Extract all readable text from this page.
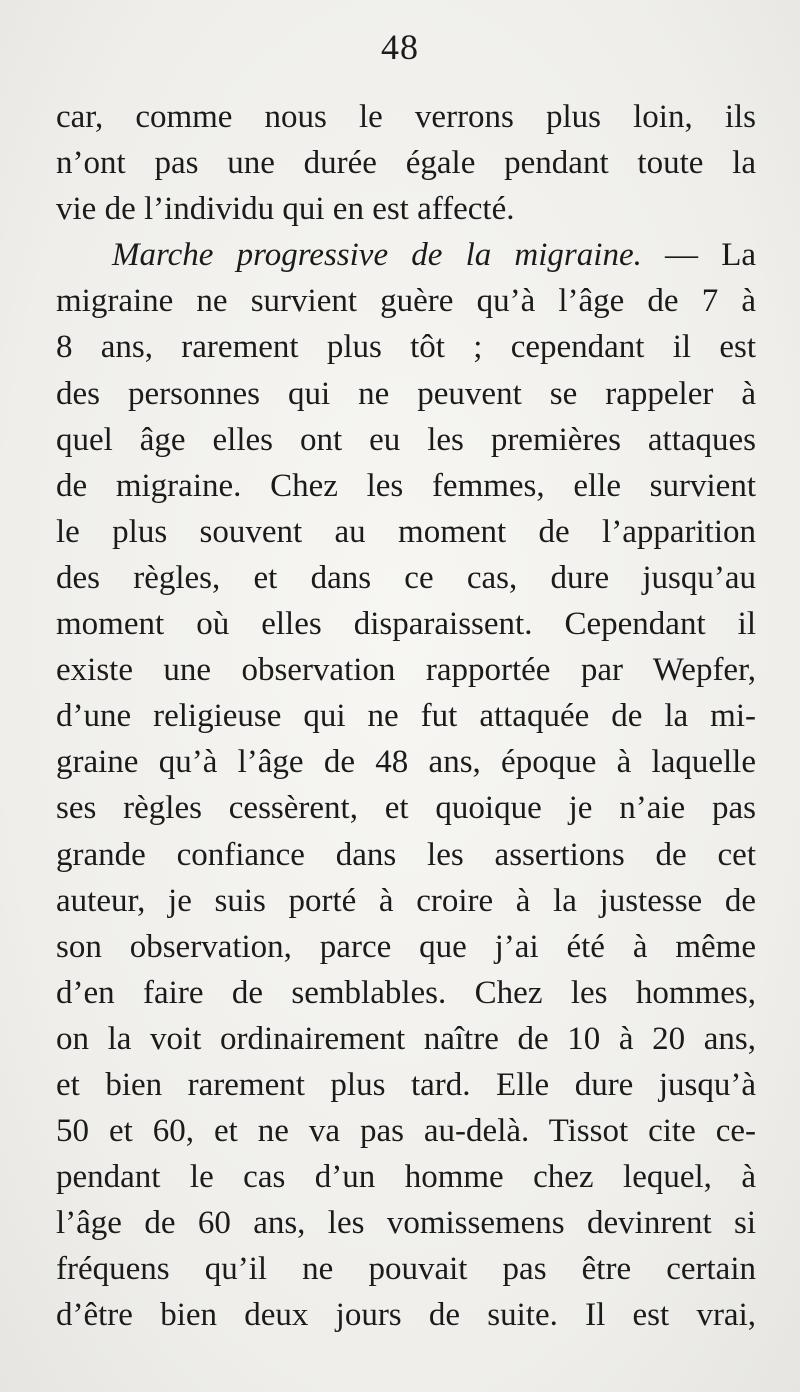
48
car, comme nous le verrons plus loin, ils
n’ont pas une durée égale pendant toute la
vie de l’individu qui en est affecté.
Marche progressive de la migraine. — La
migraine ne survient guère qu’à l’âge de 7 à
8 ans, rarement plus tôt ; cependant il est
des personnes qui ne peuvent se rappeler à
quel âge elles ont eu les premières attaques
de migraine. Chez les femmes, elle survient
le plus souvent au moment de l’apparition
des règles, et dans ce cas, dure jusqu’au
moment où elles disparaissent. Cependant il
existe une observation rapportée par Wepfer,
d’une religieuse qui ne fut attaquée de la mi-
graine qu’à l’âge de 48 ans, époque à laquelle
ses règles cessèrent, et quoique je n’aie pas
grande confiance dans les assertions de cet
auteur, je suis porté à croire à la justesse de
son observation, parce que j’ai été à même
d’en faire de semblables. Chez les hommes,
on la voit ordinairement naître de 10 à 20 ans,
et bien rarement plus tard. Elle dure jusqu’à
50 et 60, et ne va pas au-delà. Tissot cite ce-
pendant le cas d’un homme chez lequel, à
l’âge de 60 ans, les vomissemens devinrent si
fréquens qu’il ne pouvait pas être certain
d’être bien deux jours de suite. Il est vrai,
